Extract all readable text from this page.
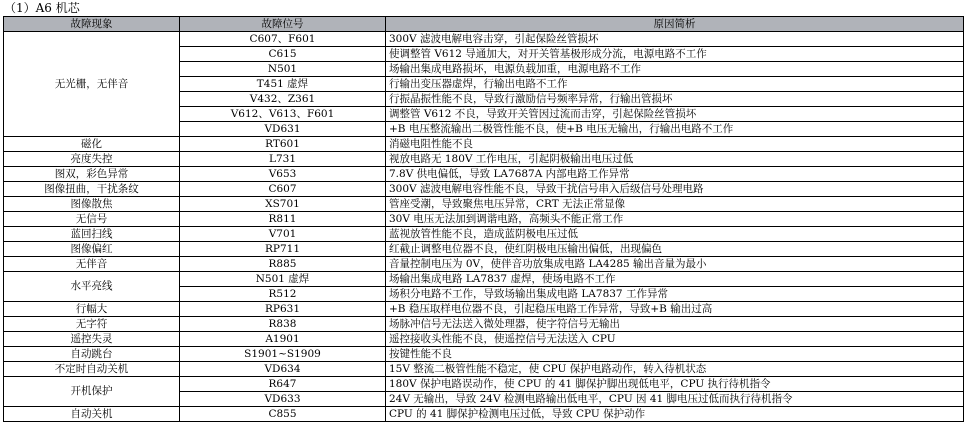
（1）A6 机芯
故障现象	故障位号	原因简析
无光栅，无伴音	C607、F601	300V 滤波电解电容击穿，引起保险丝管损坏
	C615	使调整管 V612 导通加大，对开关管基极形成分流，电源电路不工作
	N501	场输出集成电路损坏，电源负载加重，电源电路不工作
	T451 虚焊	行输出变压器虚焊，行输出电路不工作
	V432、Z361	行振晶振性能不良，导致行激励信号频率异常，行输出管损坏
	V612、V613、F601	调整管 V612 不良，导致开关管因过流而击穿，引起保险丝管损坏
	VD631	+B 电压整流输出二极管性能不良，使+B 电压无输出，行输出电路不工作
磁化	RT601	消磁电阻性能不良
亮度失控	L731	视放电路无 180V 工作电压，引起阴极输出电压过低
图双，彩色异常	V653	7.8V 供电偏低，导致 LA7687A 内部电路工作异常
图像扭曲，干扰条纹	C607	300V 滤波电解电容性能不良，导致干扰信号串入后级信号处理电路
图像散焦	XS701	管座受潮，导致聚焦电压异常，CRT 无法正常显像
无信号	R811	30V 电压无法加到调谐电路，高频头不能正常工作
蓝回扫线	V701	蓝视放管性能不良，造成蓝阴极电压过低
图像偏红	RP711	红截止调整电位器不良，使红阴极电压输出偏低，出现偏色
无伴音	R885	音量控制电压为 0V，使伴音功放集成电路 LA4285 输出音量为最小
水平亮线	N501 虚焊	场输出集成电路 LA7837 虚焊，使场电路不工作
	R512	场积分电路不工作，导致场输出集成电路 LA7837 工作异常
行幅大	RP631	+B 稳压取样电位器不良，引起稳压电路工作异常，导致+B 输出过高
无字符	R838	场脉冲信号无法送入微处理器，使字符信号无输出
遥控失灵	A1901	遥控接收头性能不良，使遥控信号无法送入 CPU
自动跳台	S1901~S1909	按键性能不良
不定时自动关机	VD634	15V 整流二极管性能不稳定，使 CPU 保护电路动作，转入待机状态
开机保护	R647	180V 保护电路误动作，使 CPU 的 41 脚保护脚出现低电平，CPU 执行待机指令
	VD633	24V 无输出，导致 24V 检测电路输出低电平，CPU 因 41 脚电压过低而执行待机指令
自动关机	C855	CPU 的 41 脚保护检测电压过低，导致 CPU 保护动作
